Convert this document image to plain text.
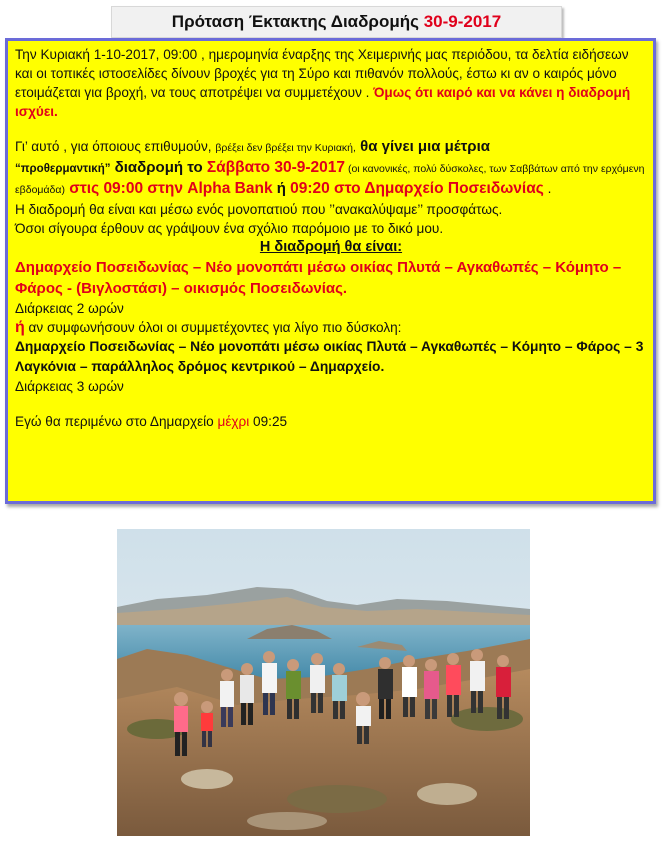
Πρόταση Έκτακτης Διαδρομής 30-9-2017

Την Κυριακή 1-10-2017, 09:00 , ημερομηνία έναρξης της Χειμερινής μας περιόδου, τα δελτία ειδήσεων και οι τοπικές ιστοσελίδες δίνουν βροχές για τη Σύρο και πιθανόν πολλούς, έστω κι αν ο καιρός μόνο ετοιμάζεται για βροχή, να τους αποτρέψει να συμμετέχουν . Όμως ότι καιρό και να κάνει η διαδρομή ισχύει.

Γι’ αυτό , για όποιους επιθυμούν, βρέξει δεν βρέξει την Κυριακή, θα γίνει μια μέτρια
“προθερμαντική” διαδρομή το Σάββατο 30-9-2017 (οι κανονικές, πολύ δύσκολες, των Σαββάτων από την ερχόμενη εβδομάδα) στις 09:00 στην Alpha Bank ή 09:20 στο Δημαρχείο Ποσειδωνίας .

Η διαδρομή θα είναι και μέσω ενός μονοπατιού που ’’ανακαλύψαμε’’ προσφάτως.

Όσοι σίγουρα έρθουν ας γράψουν ένα σχόλιο παρόμοιο με το δικό μου.

Η διαδρομή θα είναι:

Δημαρχείο Ποσειδωνίας – Νέο μονοπάτι μέσω οικίας Πλυτά – Αγκαθωπές – Κόμητο – Φάρος - (Βιγλοστάσι) – οικισμός Ποσειδωνίας.

Διάρκειας 2 ωρών

ή αν συμφωνήσουν όλοι οι συμμετέχοντες για λίγο πιο δύσκολη:

Δημαρχείο Ποσειδωνίας – Νέο μονοπάτι μέσω οικίας Πλυτά – Αγκαθωπές – Κόμητο – Φάρος – 3 Λαγκόνια – παράλληλος δρόμος κεντρικού – Δημαρχείο.

Διάρκειας 3 ωρών

Εγώ θα περιμένω στο Δημαρχείο μέχρι 09:25
